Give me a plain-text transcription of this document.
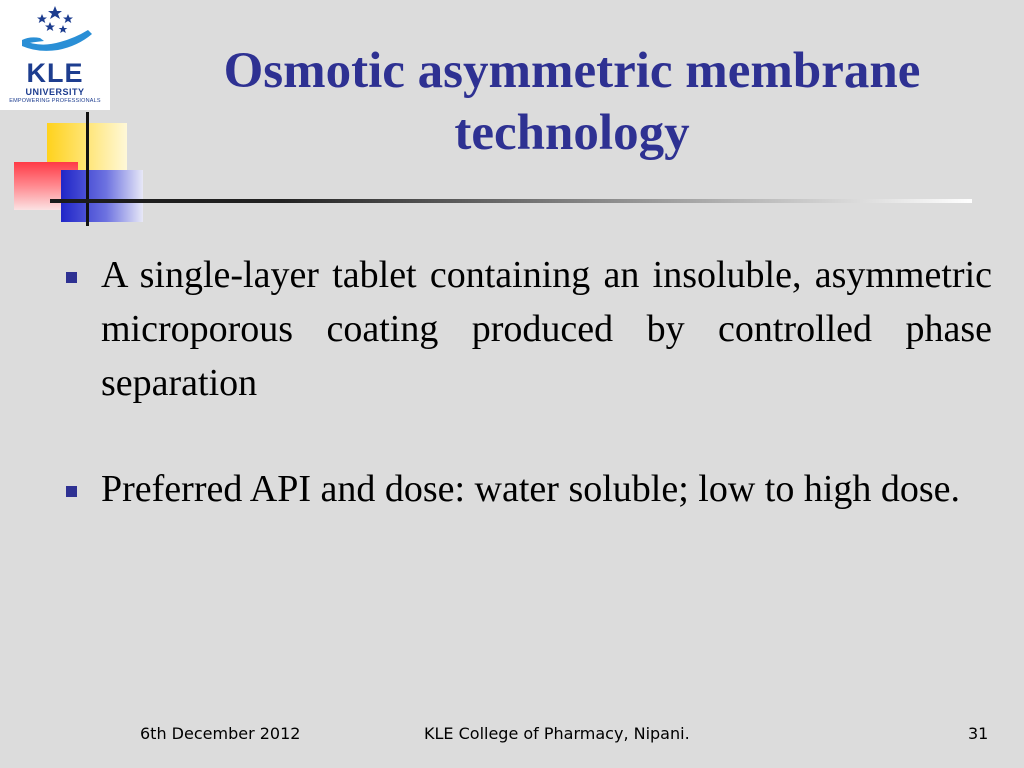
KLE
UNIVERSITY
EMPOWERING PROFESSIONALS
Osmotic asymmetric membrane technology
A single-layer tablet containing an insoluble, asymmetric microporous coating produced by controlled phase separation
Preferred API and dose: water soluble; low to high dose.
6th December 2012	KLE College of Pharmacy, Nipani.	31
